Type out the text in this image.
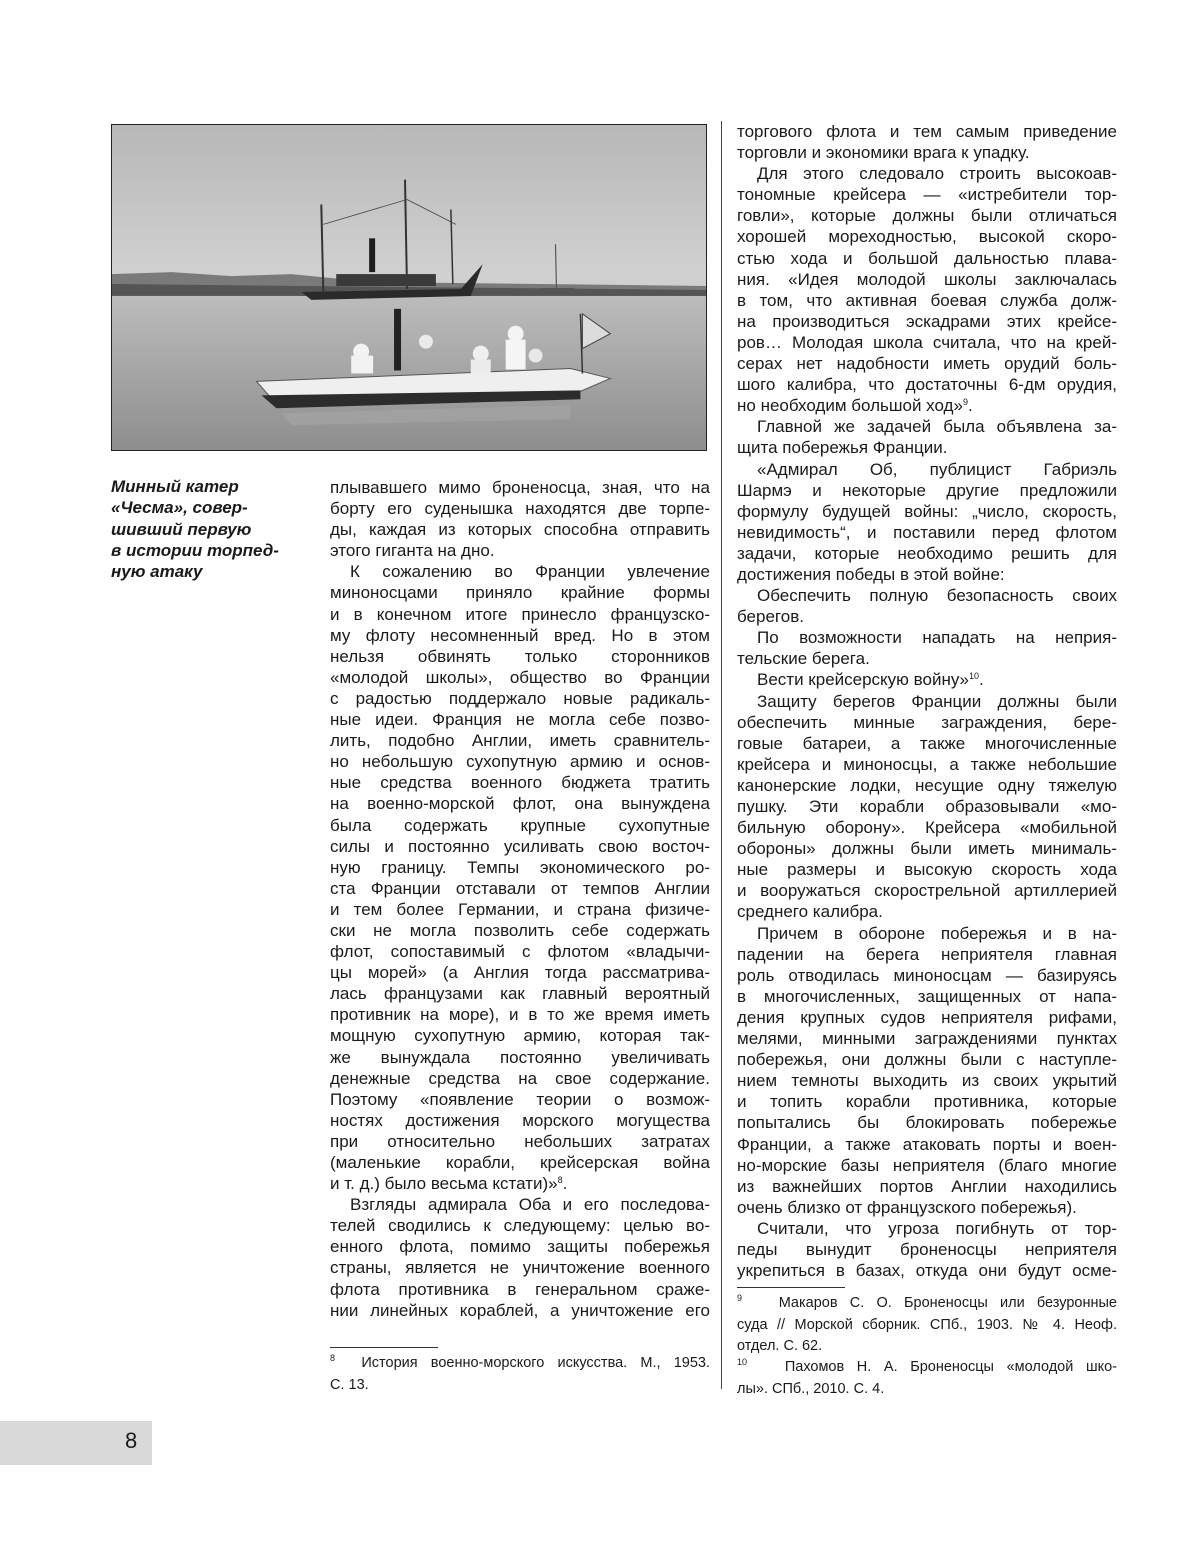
Минный катер
«Чесма», совер-
шивший первую
в истории торпед-
ную атаку
плывавшего мимо броненосца, зная, что на
борту его суденышка находятся две торпе-
ды, каждая из которых способна отправить
этого гиганта на дно.
К сожалению во Франции увлечение
миноносцами приняло крайние формы
и в конечном итоге принесло французско-
му флоту несомненный вред. Но в этом
нельзя обвинять только сторонников
«молодой школы», общество во Франции
с радостью поддержало новые радикаль-
ные идеи. Франция не могла себе позво-
лить, подобно Англии, иметь сравнитель-
но небольшую сухопутную армию и основ-
ные средства военного бюджета тратить
на военно-морской флот, она вынуждена
была содержать крупные сухопутные
силы и постоянно усиливать свою восточ-
ную границу. Темпы экономического ро-
ста Франции отставали от темпов Англии
и тем более Германии, и страна физиче-
ски не могла позволить себе содержать
флот, сопоставимый с флотом «владычи-
цы морей» (а Англия тогда рассматрива-
лась французами как главный вероятный
противник на море), и в то же время иметь
мощную сухопутную армию, которая так-
же вынуждала постоянно увеличивать
денежные средства на свое содержание.
Поэтому «появление теории о возмож-
ностях достижения морского могущества
при относительно небольших затратах
(маленькие корабли, крейсерская война
и т. д.) было весьма кстати)»$^8$.
Взгляды адмирала Оба и его последова-
телей сводились к следующему: целью во-
енного флота, помимо защиты побережья
страны, является не уничтожение военного
флота противника в генеральном сраже-
нии линейных кораблей, а уничтожение его
торгового флота и тем самым приведение
торговли и экономики врага к упадку.
Для этого следовало строить высокоав-
тономные крейсера — «истребители тор-
говли», которые должны были отличаться
хорошей мореходностью, высокой скоро-
стью хода и большой дальностью плава-
ния. «Идея молодой школы заключалась
в том, что активная боевая служба долж-
на производиться эскадрами этих крейсе-
ров… Молодая школа считала, что на крей-
серах нет надобности иметь орудий боль-
шого калибра, что достаточны 6-дм орудия,
но необходим большой ход»$^9$.
Главной же задачей была объявлена за-
щита побережья Франции.
«Адмирал Об, публицист Габриэль
Шармэ и некоторые другие предложили
формулу будущей войны: „число, скорость,
невидимость“, и поставили перед флотом
задачи, которые необходимо решить для
достижения победы в этой войне:
Обеспечить полную безопасность своих
берегов.
По возможности нападать на неприя-
тельские берега.
Вести крейсерскую войну»$^{10}$.
Защиту берегов Франции должны были
обеспечить минные заграждения, бере-
говые батареи, а также многочисленные
крейсера и миноносцы, а также небольшие
канонерские лодки, несущие одну тяжелую
пушку. Эти корабли образовывали «мо-
бильную оборону». Крейсера «мобильной
обороны» должны были иметь минималь-
ные размеры и высокую скорость хода
и вооружаться скорострельной артиллерией
среднего калибра.
Причем в обороне побережья и в на-
падении на берега неприятеля главная
роль отводилась миноносцам — базируясь
в многочисленных, защищенных от напа-
дения крупных судов неприятеля рифами,
мелями, минными заграждениями пунктах
побережья, они должны были с наступле-
нием темноты выходить из своих укрытий
и топить корабли противника, которые
попытались бы блокировать побережье
Франции, а также атаковать порты и воен-
но-морские базы неприятеля (благо многие
из важнейших портов Англии находились
очень близко от французского побережья).
Считали, что угроза погибнуть от тор-
педы вынудит броненосцы неприятеля
укрепиться в базах, откуда они будут осме-
$^8$ История военно-морского искусства. М., 1953.
С. 13.
$^9$	Макаров С. О. Броненосцы или безуронные
суда // Морской сборник. СПб., 1903. № 4. Неоф.
отдел. С. 62.
$^{10}$	Пахомов Н. А. Броненосцы «молодой шко-
лы». СПб., 2010. С. 4.
8
